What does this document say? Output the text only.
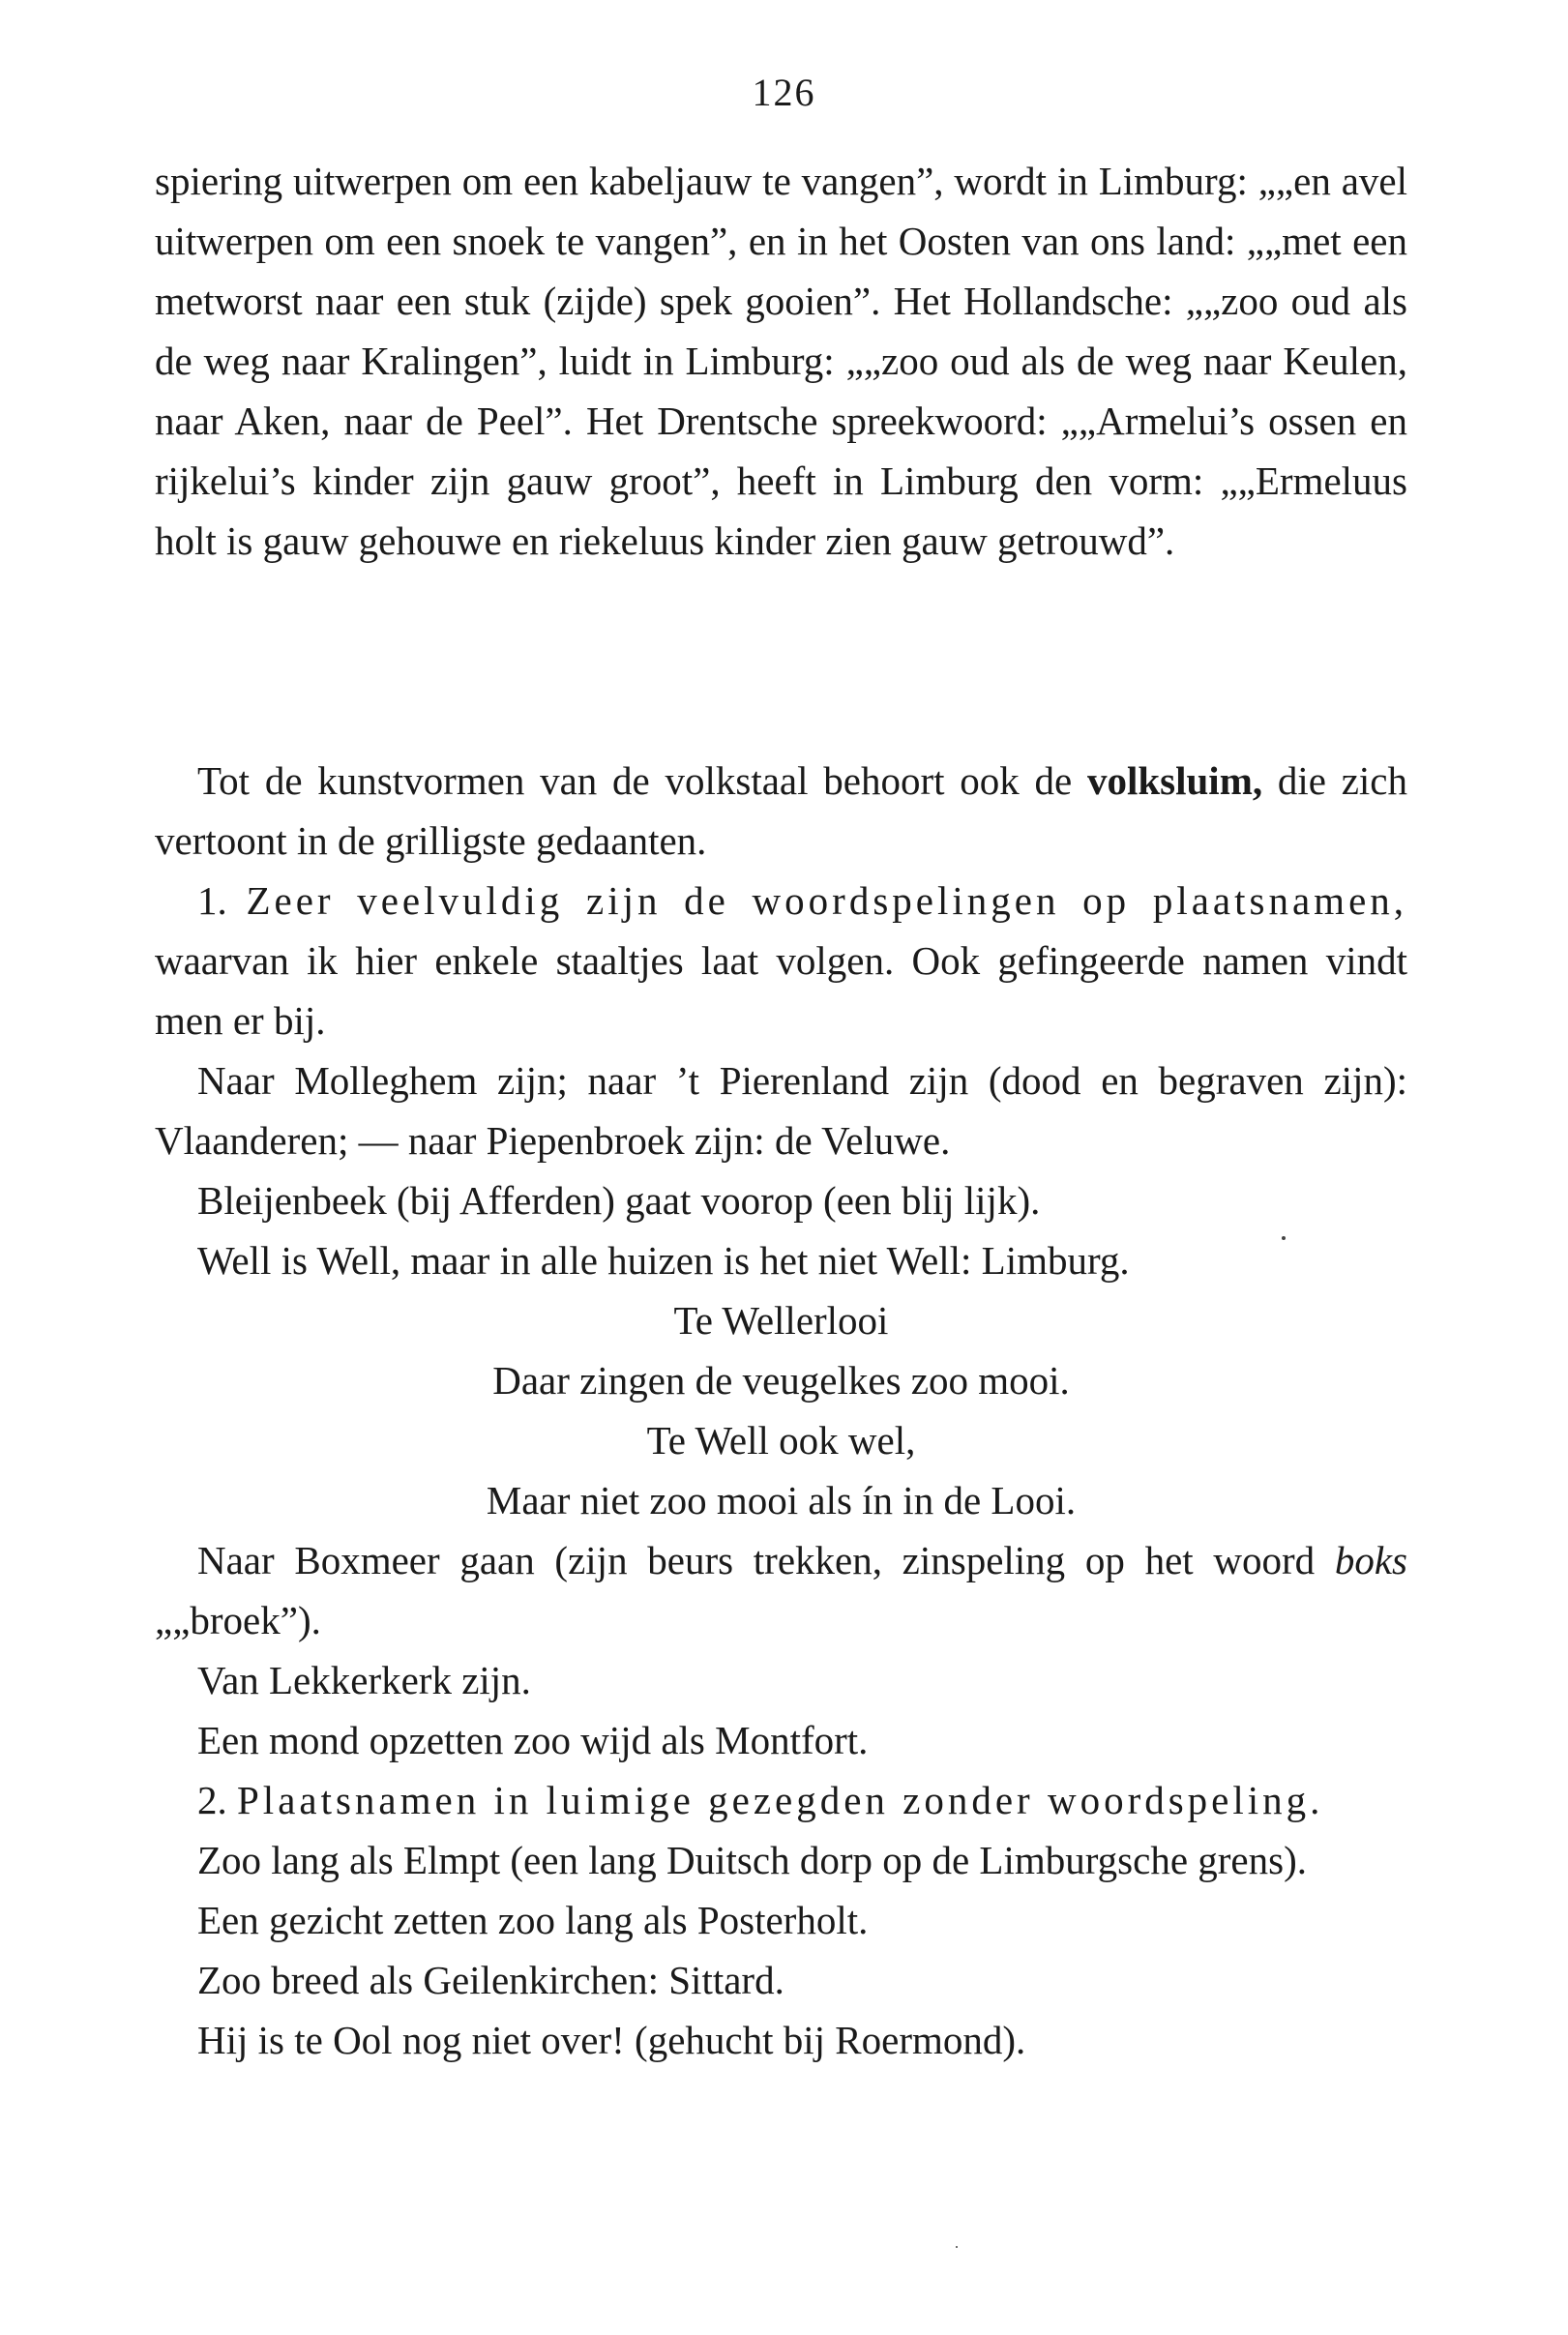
126

spiering uitwerpen om een kabeljauw te vangen”, wordt in Limburg: „„en avel uitwerpen om een snoek te vangen”, en in het Oosten van ons land: „„met een metworst naar een stuk (zijde) spek gooien”. Het Hollandsche: „„zoo oud als de weg naar Kralingen”, luidt in Limburg: „„zoo oud als de weg naar Keulen, naar Aken, naar de Peel”. Het Drentsche spreekwoord: „„Armelui’s ossen en rijkelui’s kinder zijn gauw groot”, heeft in Limburg den vorm: „„Ermeluus holt is gauw gehouwe en riekeluus kinder zien gauw getrouwd”.

Tot de kunstvormen van de volkstaal behoort ook de volksluim, die zich vertoont in de grilligste gedaanten.

1. Zeer veelvuldig zijn de woordspelingen op plaatsnamen, waarvan ik hier enkele staaltjes laat volgen. Ook gefingeerde namen vindt men er bij.

Naar Molleghem zijn; naar ’t Pierenland zijn (dood en begraven zijn): Vlaanderen; — naar Piepenbroek zijn: de Veluwe.

Bleijenbeek (bij Afferden) gaat voorop (een blij lijk).

Well is Well, maar in alle huizen is het niet Well: Limburg.

Te Wellerlooi
Daar zingen de veugelkes zoo mooi.
Te Well ook wel,
Maar niet zoo mooi als ín in de Looi.

Naar Boxmeer gaan (zijn beurs trekken, zinspeling op het woord boks „„broek”).

Van Lekkerkerk zijn.

Een mond opzetten zoo wijd als Montfort.

2. Plaatsnamen in luimige gezegden zonder woordspeling.

Zoo lang als Elmpt (een lang Duitsch dorp op de Limburgsche grens).

Een gezicht zetten zoo lang als Posterholt.

Zoo breed als Geilenkirchen: Sittard.

Hij is te Ool nog niet over! (gehucht bij Roermond).
